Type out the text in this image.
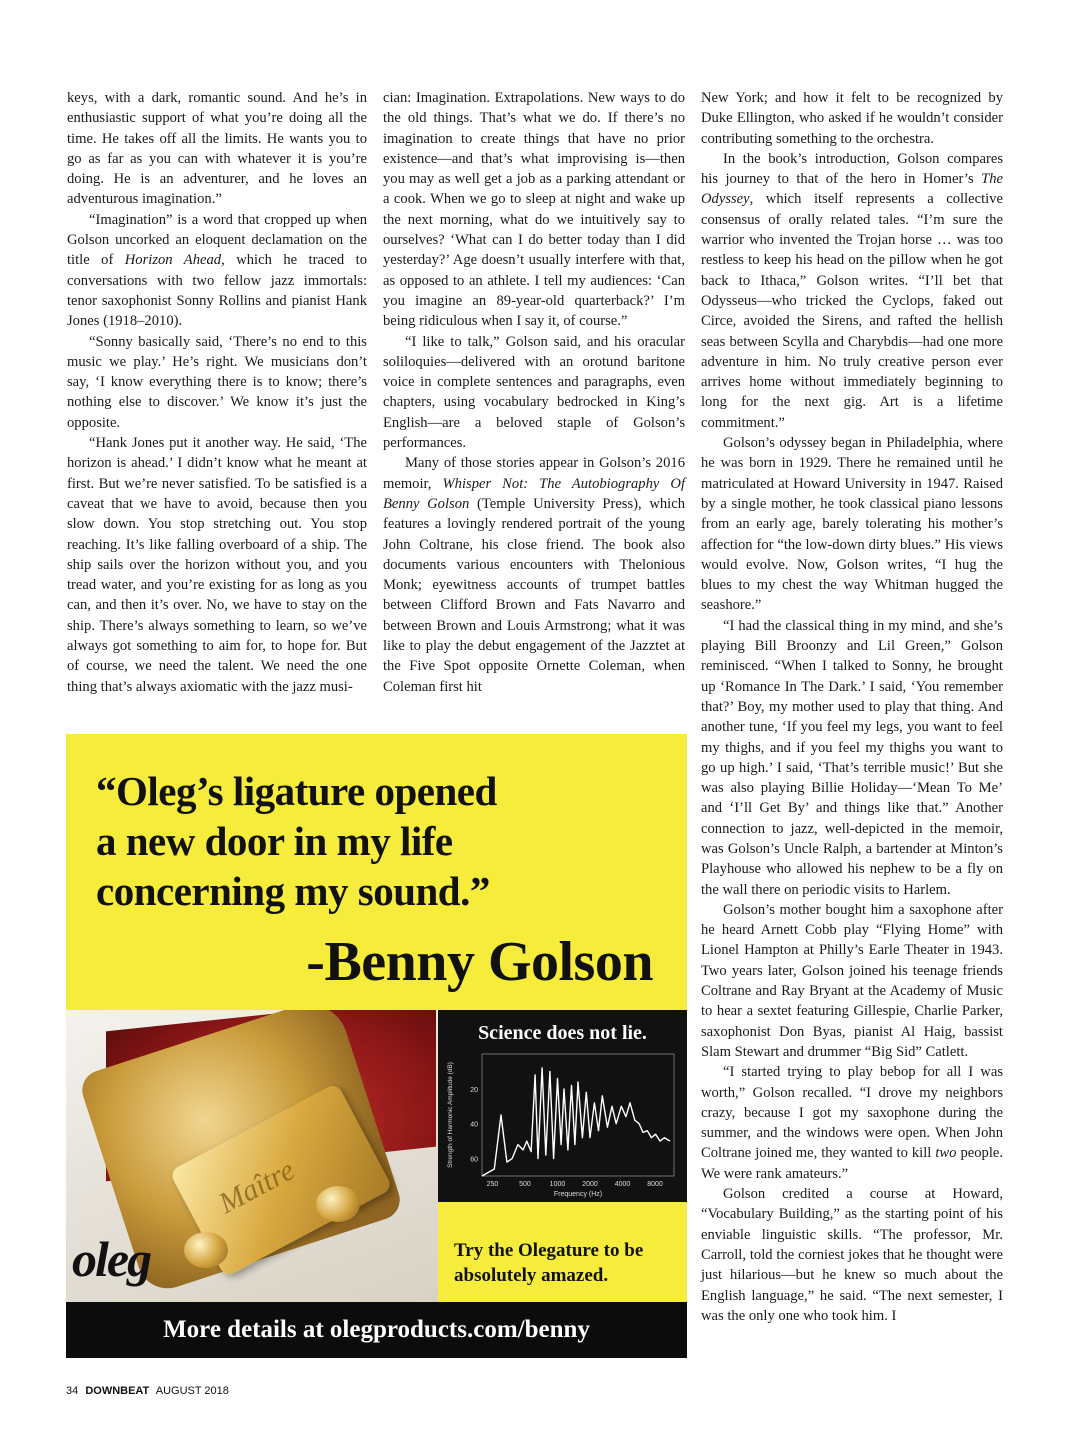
keys, with a dark, romantic sound. And he’s in enthusiastic support of what you’re doing all the time. He takes off all the limits. He wants you to go as far as you can with whatever it is you’re doing. He is an adventurer, and he loves an adventurous imagination.”

“Imagination” is a word that cropped up when Golson uncorked an eloquent declamation on the title of Horizon Ahead, which he traced to conversations with two fellow jazz immortals: tenor saxophonist Sonny Rollins and pianist Hank Jones (1918–2010).

“Sonny basically said, ‘There’s no end to this music we play.’ He’s right. We musicians don’t say, ‘I know everything there is to know; there’s nothing else to discover.’ We know it’s just the opposite.

“Hank Jones put it another way. He said, ‘The horizon is ahead.’ I didn’t know what he meant at first. But we’re never satisfied. To be satisfied is a caveat that we have to avoid, because then you slow down. You stop stretching out. You stop reaching. It’s like falling overboard of a ship. The ship sails over the horizon without you, and you tread water, and you’re existing for as long as you can, and then it’s over. No, we have to stay on the ship. There’s always something to learn, so we’ve always got something to aim for, to hope for. But of course, we need the talent. We need the one thing that’s always axiomatic with the jazz musi-

cian: Imagination. Extrapolations. New ways to do the old things. That’s what we do. If there’s no imagination to create things that have no prior existence—and that’s what improvising is—then you may as well get a job as a parking attendant or a cook. When we go to sleep at night and wake up the next morning, what do we intuitively say to ourselves? ‘What can I do better today than I did yesterday?’ Age doesn’t usually interfere with that, as opposed to an athlete. I tell my audiences: ‘Can you imagine an 89-year-old quarterback?’ I’m being ridiculous when I say it, of course.”

“I like to talk,” Golson said, and his oracular soliloquies—delivered with an orotund baritone voice in complete sentences and paragraphs, even chapters, using vocabulary bedrocked in King’s English—are a beloved staple of Golson’s performances.

Many of those stories appear in Golson’s 2016 memoir, Whisper Not: The Autobiography Of Benny Golson (Temple University Press), which features a lovingly rendered portrait of the young John Coltrane, his close friend. The book also documents various encounters with Thelonious Monk; eyewitness accounts of trumpet battles between Clifford Brown and Fats Navarro and between Brown and Louis Armstrong; what it was like to play the debut engagement of the Jazztet at the Five Spot opposite Ornette Coleman, when Coleman first hit

New York; and how it felt to be recognized by Duke Ellington, who asked if he wouldn’t consider contributing something to the orchestra.

In the book’s introduction, Golson compares his journey to that of the hero in Homer’s The Odyssey, which itself represents a collective consensus of orally related tales. “I’m sure the warrior who invented the Trojan horse … was too restless to keep his head on the pillow when he got back to Ithaca,” Golson writes. “I’ll bet that Odysseus—who tricked the Cyclops, faked out Circe, avoided the Sirens, and rafted the hellish seas between Scylla and Charybdis—had one more adventure in him. No truly creative person ever arrives home without immediately beginning to long for the next gig. Art is a lifetime commitment.”

Golson’s odyssey began in Philadelphia, where he was born in 1929. There he remained until he matriculated at Howard University in 1947. Raised by a single mother, he took classical piano lessons from an early age, barely tolerating his mother’s affection for “the low-down dirty blues.” His views would evolve. Now, Golson writes, “I hug the blues to my chest the way Whitman hugged the seashore.”

“I had the classical thing in my mind, and she’s playing Bill Broonzy and Lil Green,” Golson reminisced. “When I talked to Sonny, he brought up ‘Romance In The Dark.’ I said, ‘You remember that?’ Boy, my mother used to play that thing. And another tune, ‘If you feel my legs, you want to feel my thighs, and if you feel my thighs you want to go up high.’ I said, ‘That’s terrible music!’ But she was also playing Billie Holiday—‘Mean To Me’ and ‘I’ll Get By’ and things like that.” Another connection to jazz, well-depicted in the memoir, was Golson’s Uncle Ralph, a bartender at Minton’s Playhouse who allowed his nephew to be a fly on the wall there on periodic visits to Harlem.

Golson’s mother bought him a saxophone after he heard Arnett Cobb play “Flying Home” with Lionel Hampton at Philly’s Earle Theater in 1943. Two years later, Golson joined his teenage friends Coltrane and Ray Bryant at the Academy of Music to hear a sextet featuring Gillespie, Charlie Parker, saxophonist Don Byas, pianist Al Haig, bassist Slam Stewart and drummer “Big Sid” Catlett.

“I started trying to play bebop for all I was worth,” Golson recalled. “I drove my neighbors crazy, because I got my saxophone during the summer, and the windows were open. When John Coltrane joined me, they wanted to kill two people. We were rank amateurs.”

Golson credited a course at Howard, “Vocabulary Building,” as the starting point of his enviable linguistic skills. “The professor, Mr. Carroll, told the corniest jokes that he thought were just hilarious—but he knew so much about the English language,” he said. “The next semester, I was the only one who took him. I

“Oleg’s ligature opened
a new door in my life
concerning my sound.”
-Benny Golson
Maître
oleg
Science does not lie.
20
40
60
250	500	1000 2000 4000 8000
Frequency (Hz)
Strength of Harmonic Amplitude (dB)
Try the Olegature to be
absolutely amazed.
More details at olegproducts.com/benny
34 DOWNBEAT AUGUST 2018
